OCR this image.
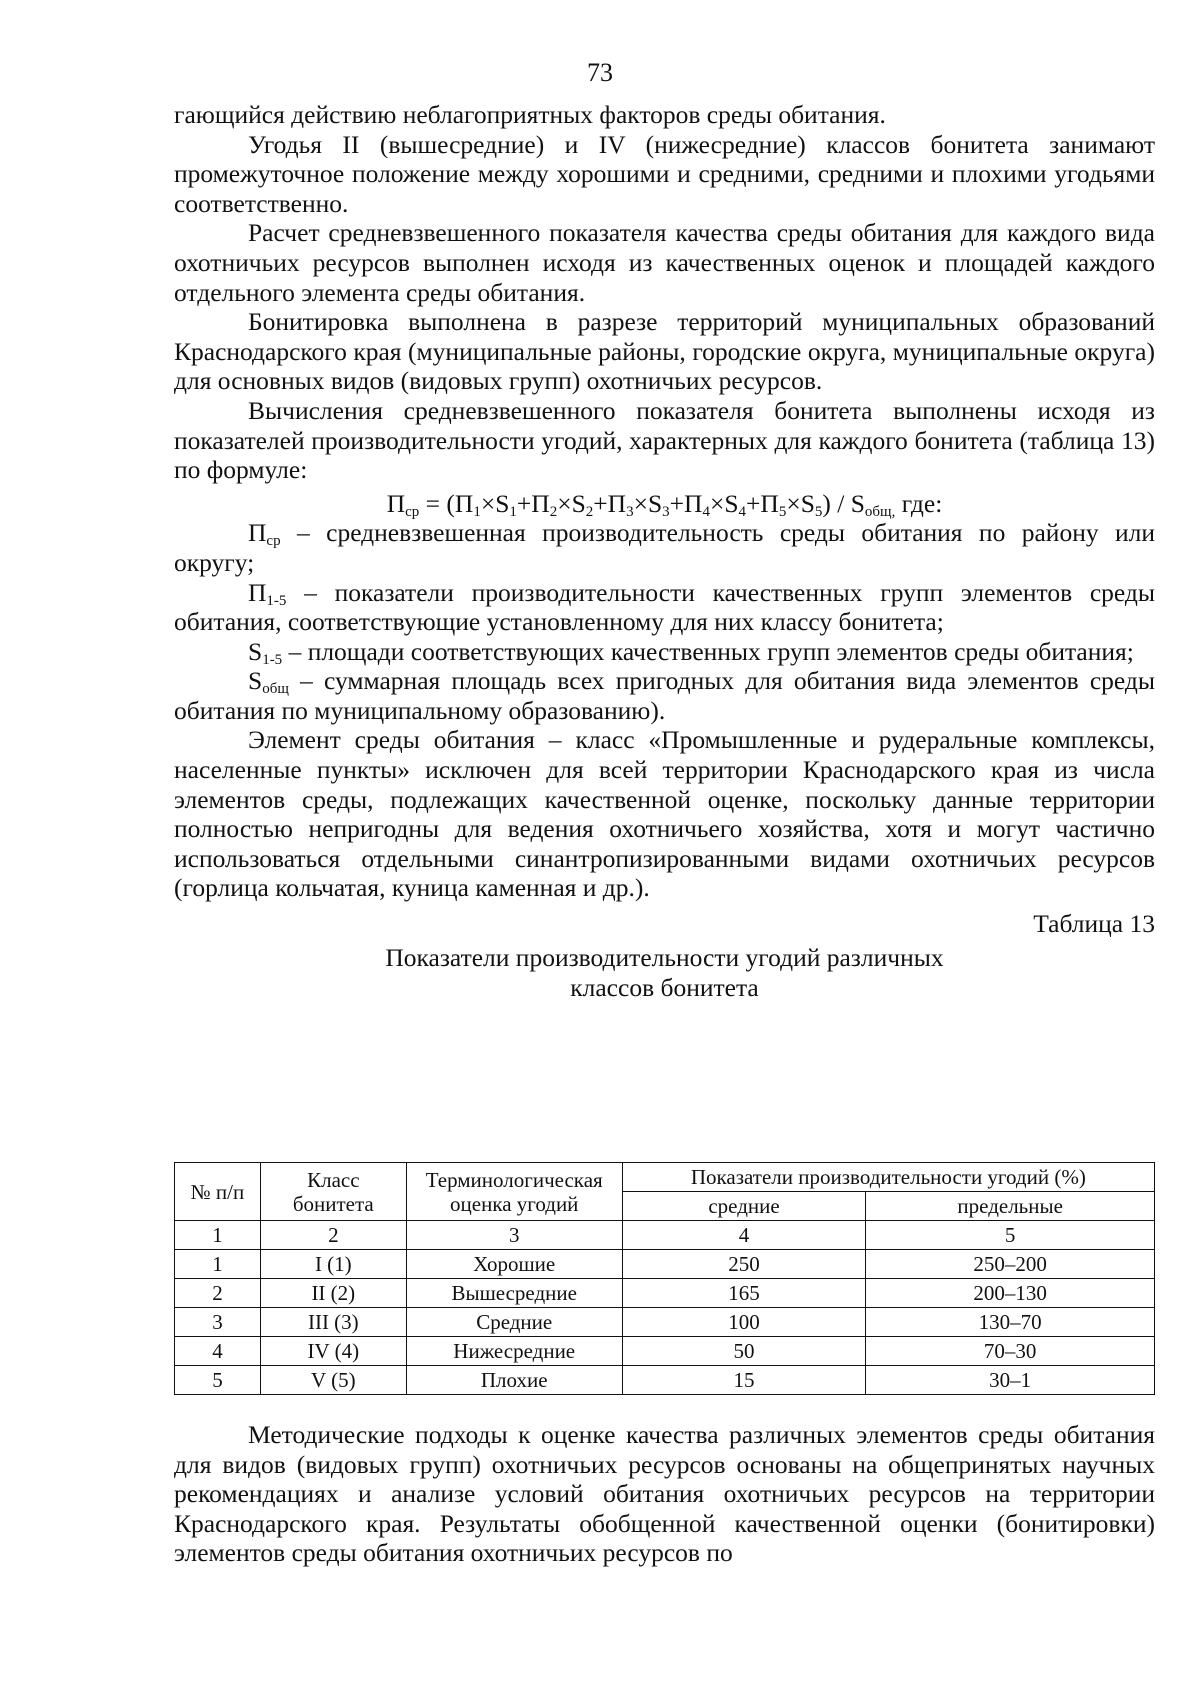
73

гающийся действию неблагоприятных факторов среды обитания.

Угодья II (вышесредние) и IV (нижесредние) классов бонитета занимают промежуточное положение между хорошими и средними, средними и плохими угодьями соответственно.

Расчет средневзвешенного показателя качества среды обитания для каждого вида охотничьих ресурсов выполнен исходя из качественных оценок и площадей каждого отдельного элемента среды обитания.

Бонитировка выполнена в разрезе территорий муниципальных образований Краснодарского края (муниципальные районы, городские округа, муниципальные округа) для основных видов (видовых групп) охотничьих ресурсов.

Вычисления средневзвешенного показателя бонитета выполнены исходя из показателей производительности угодий, характерных для каждого бонитета (таблица 13) по формуле:

$П_{ср} = (П_1\times S_1+П_2\times S_2+П_3\times S_3+П_4\times S_4+П_5\times S_5) / S_{общ,}$ где:

$П_{ср}$ – средневзвешенная производительность среды обитания по району или округу;

$П_{1-5}$ – показатели производительности качественных групп элементов среды обитания, соответствующие установленному для них классу бонитета;

$S_{1-5}$ – площади соответствующих качественных групп элементов среды обитания;

$S_{общ}$ – суммарная площадь всех пригодных для обитания вида элементов среды обитания по муниципальному образованию).

Элемент среды обитания – класс «Промышленные и рудеральные комплексы, населенные пункты» исключен для всей территории Краснодарского края из числа элементов среды, подлежащих качественной оценке, поскольку данные территории полностью непригодны для ведения охотничьего хозяйства, хотя и могут частично использоваться отдельными синантропизированными видами охотничьих ресурсов (горлица кольчатая, куница каменная и др.).

Таблица 13
Показатели производительности угодий различных
классов бонитета
№ п/п	Класс бонитета	Терминологическая оценка угодий	Показатели производительности угодий (%)	
			средние	предельные
1	2	3	4	5
1	I (1)	Хорошие	250	250–200
2	II (2)	Вышесредние	165	200–130
3	III (3)	Средние	100	130–70
4	IV (4)	Нижесредние	50	70–30
5	V (5)	Плохие	15	30–1

Методические подходы к оценке качества различных элементов среды обитания для видов (видовых групп) охотничьих ресурсов основаны на общепринятых научных рекомендациях и анализе условий обитания охотничьих ресурсов на территории Краснодарского края. Результаты обобщенной качественной оценки (бонитировки) элементов среды обитания охотничьих ресурсов по
